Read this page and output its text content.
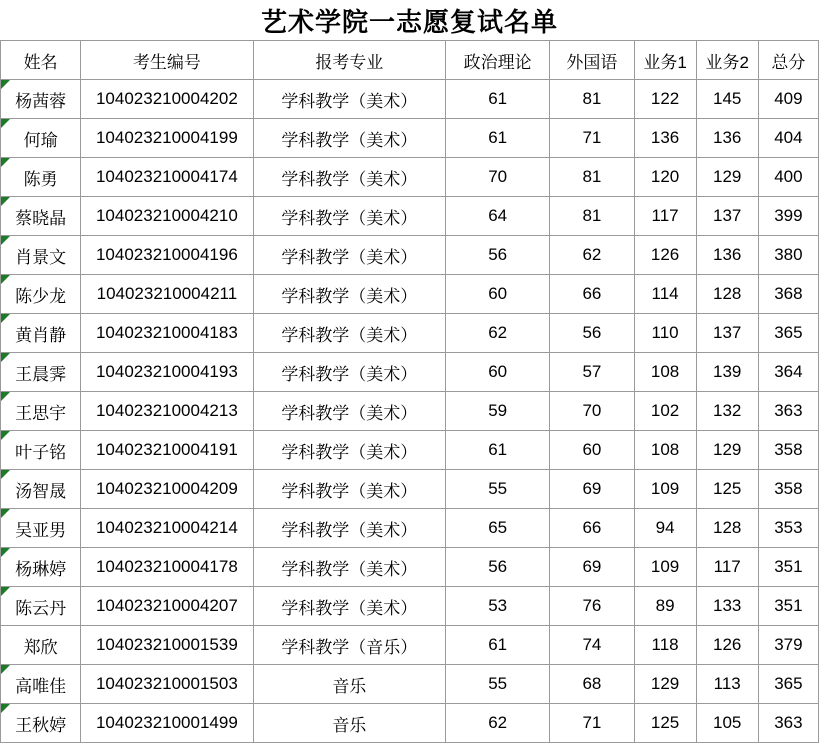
艺术学院一志愿复试名单							
姓名	考生编号	报考专业	政治理论	外国语	业务1	业务2	总分
杨茜蓉	104023210004202	学科教学（美术）	61	81	122	145	409
何瑜	104023210004199	学科教学（美术）	61	71	136	136	404
陈勇	104023210004174	学科教学（美术）	70	81	120	129	400
蔡晓晶	104023210004210	学科教学（美术）	64	81	117	137	399
肖景文	104023210004196	学科教学（美术）	56	62	126	136	380
陈少龙	104023210004211	学科教学（美术）	60	66	114	128	368
黄肖静	104023210004183	学科教学（美术）	62	56	110	137	365
王晨霁	104023210004193	学科教学（美术）	60	57	108	139	364
王思宇	104023210004213	学科教学（美术）	59	70	102	132	363
叶子铭	104023210004191	学科教学（美术）	61	60	108	129	358
汤智晟	104023210004209	学科教学（美术）	55	69	109	125	358
吴亚男	104023210004214	学科教学（美术）	65	66	94	128	353
杨琳婷	104023210004178	学科教学（美术）	56	69	109	117	351
陈云丹	104023210004207	学科教学（美术）	53	76	89	133	351
郑欣	104023210001539	学科教学（音乐）	61	74	118	126	379
高唯佳	104023210001503	音乐	55	68	129	113	365
王秋婷	104023210001499	音乐	62	71	125	105	363
